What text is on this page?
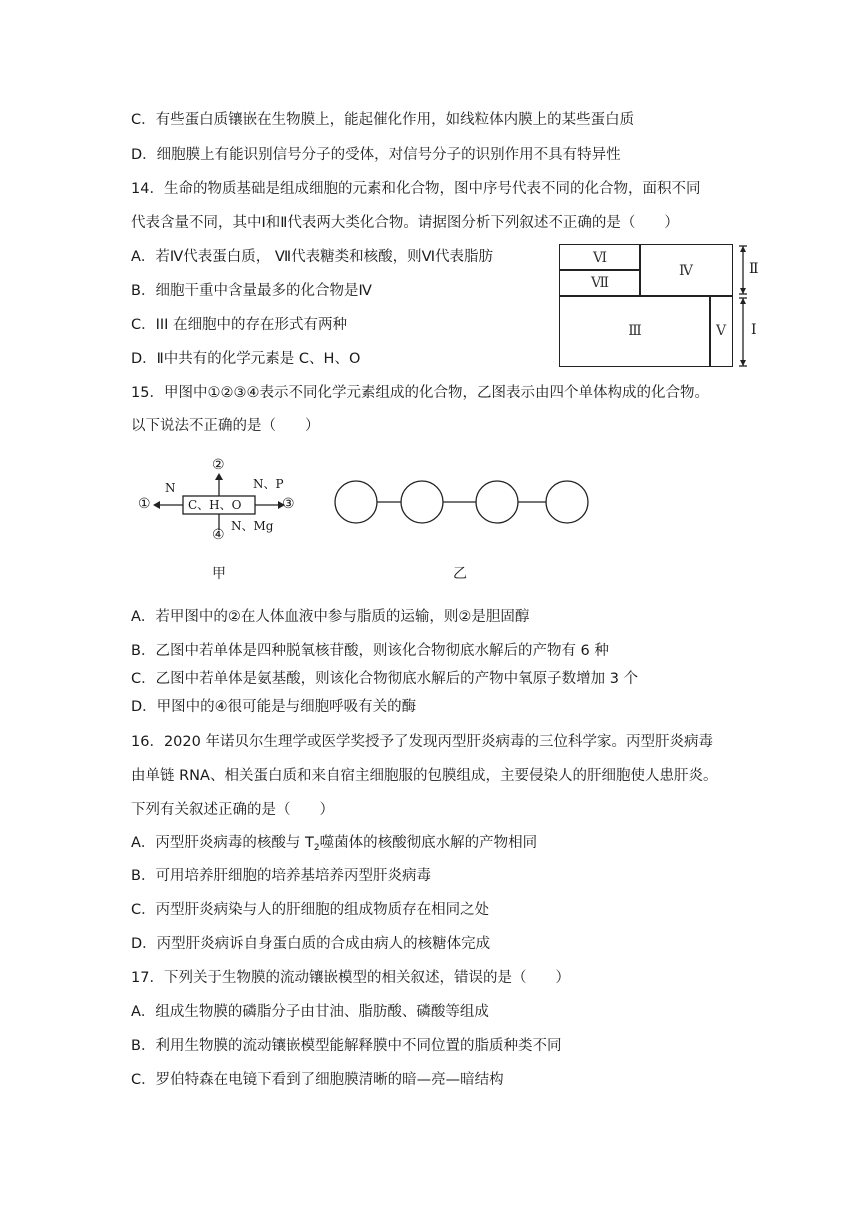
C．有些蛋白质镶嵌在生物膜上，能起催化作用，如线粒体内膜上的某些蛋白质
D．细胞膜上有能识别信号分子的受体，对信号分子的识别作用不具有特异性
14．生命的物质基础是组成细胞的元素和化合物，图中序号代表不同的化合物，面积不同
代表含量不同，其中Ⅰ和Ⅱ代表两大类化合物。请据图分析下列叙述不正确的是（　　）
A．若Ⅳ代表蛋白质， Ⅶ代表糖类和核酸，则Ⅵ代表脂肪
B．细胞干重中含量最多的化合物是Ⅳ
C．III 在细胞中的存在形式有两种
D．Ⅱ中共有的化学元素是 C、H、O
15．甲图中①②③④表示不同化学元素组成的化合物，乙图表示由四个单体构成的化合物。
以下说法不正确的是（　　）
A．若甲图中的②在人体血液中参与脂质的运输，则②是胆固醇
B．乙图中若单体是四种脱氧核苷酸，则该化合物彻底水解后的产物有 6 种
C．乙图中若单体是氨基酸，则该化合物彻底水解后的产物中氧原子数增加 3 个
D．甲图中的④很可能是与细胞呼吸有关的酶
16．2020 年诺贝尔生理学或医学奖授予了发现丙型肝炎病毒的三位科学家。丙型肝炎病毒
由单链 RNA、相关蛋白质和来自宿主细胞服的包膜组成，主要侵染人的肝细胞使人患肝炎。
下列有关叙述正确的是（　　）
A．丙型肝炎病毒的核酸与 $T_2$噬菌体的核酸彻底水解的产物相同
B．可用培养肝细胞的培养基培养丙型肝炎病毒
C．丙型肝炎病染与人的肝细胞的组成物质存在相同之处
D．丙型肝炎病诉自身蛋白质的合成由病人的核糖体完成
17．下列关于生物膜的流动镶嵌模型的相关叙述，错误的是（　　）
A．组成生物膜的磷脂分子由甘油、脂肪酸、磷酸等组成
B．利用生物膜的流动镶嵌模型能解释膜中不同位置的脂质种类不同
C．罗伯特森在电镜下看到了细胞膜清晰的暗—亮—暗结构
Ⅵ
Ⅶ
Ⅳ
Ⅲ	Ⅴ
Ⅱ
Ⅰ
C、H、O
①
②
③
④
N	N、P
N、Mg
甲	乙
